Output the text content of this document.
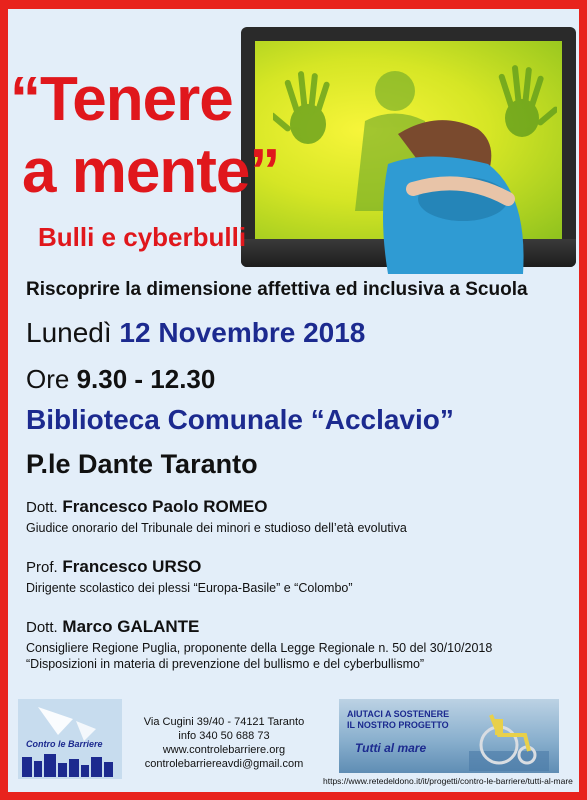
“Tenere
a mente”
Bulli e cyberbulli
Riscoprire la dimensione affettiva ed inclusiva a Scuola
Lunedì 12 Novembre 2018
Ore 9.30 - 12.30
Biblioteca Comunale “Acclavio”
P.le Dante Taranto
Dott. Francesco Paolo ROMEO
Giudice onorario del Tribunale dei minori e studioso dell’età evolutiva
Prof. Francesco URSO
Dirigente scolastico dei plessi “Europa-Basile” e “Colombo”
Dott. Marco GALANTE
Consigliere Regione Puglia, proponente della Legge Regionale n. 50 del 30/10/2018
“Disposizioni in materia di prevenzione del bullismo e del cyberbullismo”
Contro le Barriere
Via Cugini 39/40 - 74121 Taranto
info 340 50 688 73
www.controlebarriere.org
controlebarriereavdi@gmail.com
AIUTACI A SOSTENERE
IL NOSTRO PROGETTO
Tutti al mare
https://www.retedeldono.it/it/progetti/contro-le-barriere/tutti-al-mare
